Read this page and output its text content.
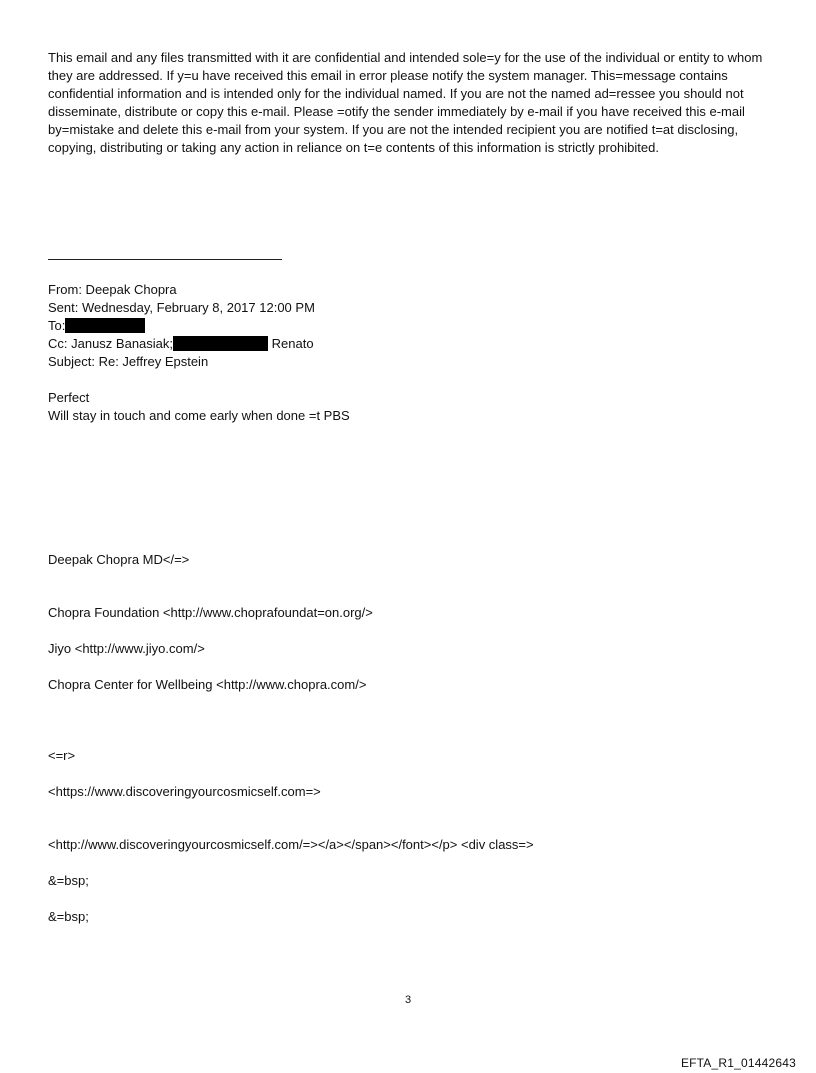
This email and any files transmitted with it are confidential and intended sole=y for the use of the individual or entity to whom they are addressed. If y=u have received this email in error please notify the system manager. This=message contains confidential information and is intended only for the individual named. If you are not the named ad=ressee you should not disseminate, distribute or copy this e-mail. Please =otify the sender immediately by e-mail if you have received this e-mail by=mistake and delete this e-mail from your system. If you are not the intended recipient you are notified t=at disclosing, copying, distributing or taking any action in reliance on t=e contents of this information is strictly prohibited.

From: Deepak Chopra
Sent: Wednesday, February 8, 2017 12:00 PM
To:
Cc: Janusz Banasiak;	Renato
Subject: Re: Jeffrey Epstein
Perfect
Will stay in touch and come early when done =t PBS
Deepak Chopra MD</=>
Chopra Foundation <http://www.choprafoundat=on.org/>
Jiyo <http://www.jiyo.com/>
Chopra Center for Wellbeing <http://www.chopra.com/>
<=r>
<https://www.discoveringyourcosmicself.com=>
<http://www.discoveringyourcosmicself.com/=></a></span></font></p> <div class=>
&=bsp;
&=bsp;
3
EFTA_R1_01442643
